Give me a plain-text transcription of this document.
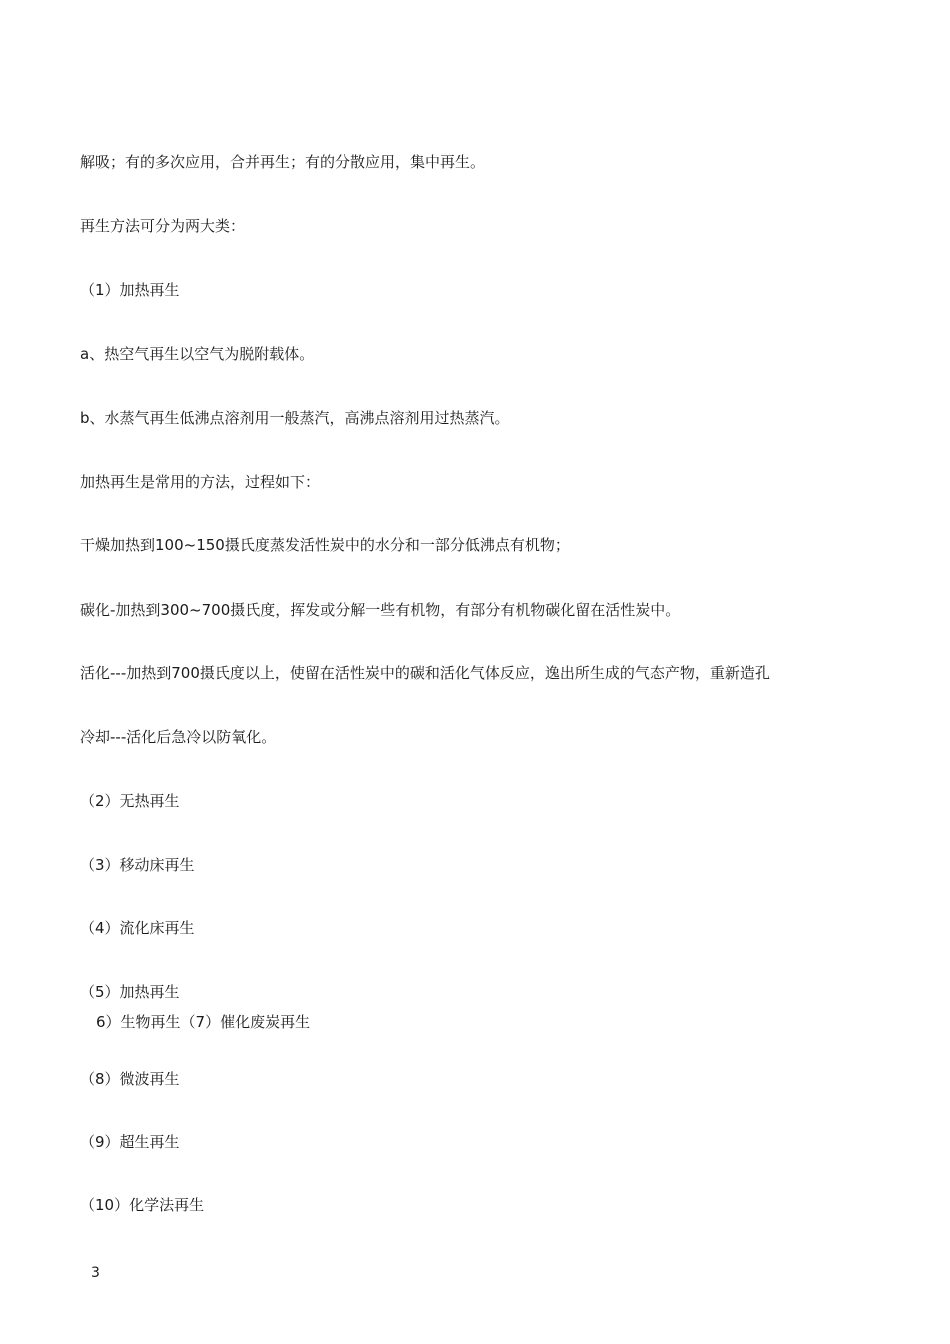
解吸；有的多次应用，合并再生；有的分散应用，集中再生。
再生方法可分为两大类：
（1）加热再生
a、热空气再生以空气为脱附载体。
b、水蒸气再生低沸点溶剂用一般蒸汽，高沸点溶剂用过热蒸汽。
加热再生是常用的方法，过程如下：
干燥加热到100~150摄氏度蒸发活性炭中的水分和一部分低沸点有机物；
碳化-加热到300~700摄氏度，挥发或分解一些有机物，有部分有机物碳化留在活性炭中。
活化---加热到700摄氏度以上，使留在活性炭中的碳和活化气体反应，逸出所生成的气态产物，重新造孔
冷却---活化后急冷以防氧化。
（2）无热再生
（3）移动床再生
（4）流化床再生
（5）加热再生
6）生物再生（7）催化废炭再生
（8）微波再生
（9）超生再生
（10）化学法再生
3
